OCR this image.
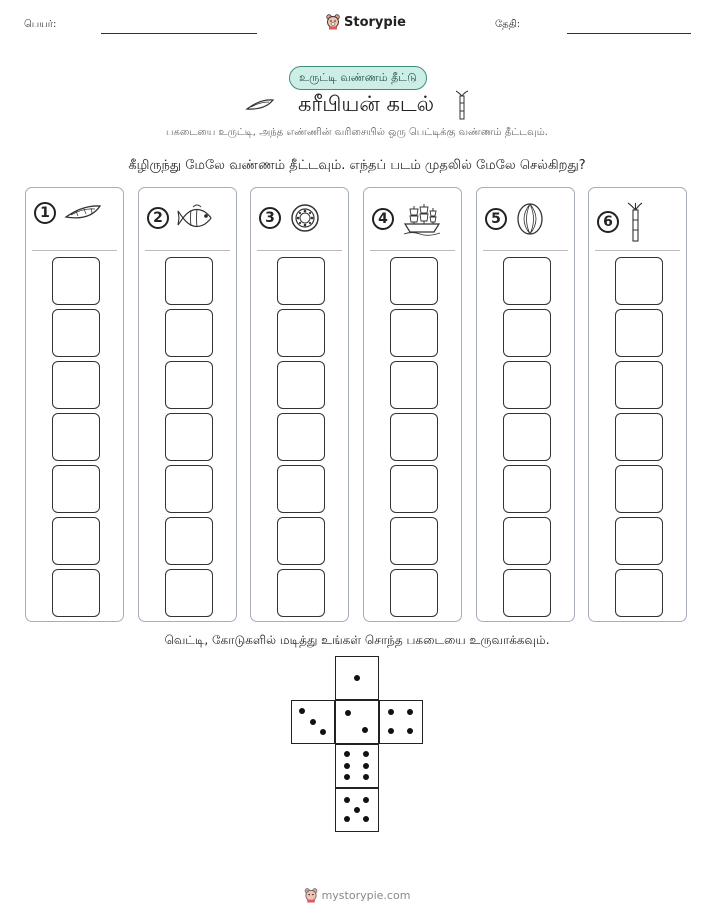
பெயர்:	Storypie	தேதி:
உருட்டி வண்ணம் தீட்டு
கரீபியன் கடல்
பகடையை உருட்டி, அந்த எண்ணின் வரிசையில் ஒரு பெட்டிக்கு வண்ணம் தீட்டவும்.
கீழிருந்து மேலே வண்ணம் தீட்டவும். எந்தப் படம் முதலில் மேலே செல்கிறது?
1	2	3	4	5	6
வெட்டி, கோடுகளில் மடித்து உங்கள் சொந்த பகடையை உருவாக்கவும்.
mystorypie.com
